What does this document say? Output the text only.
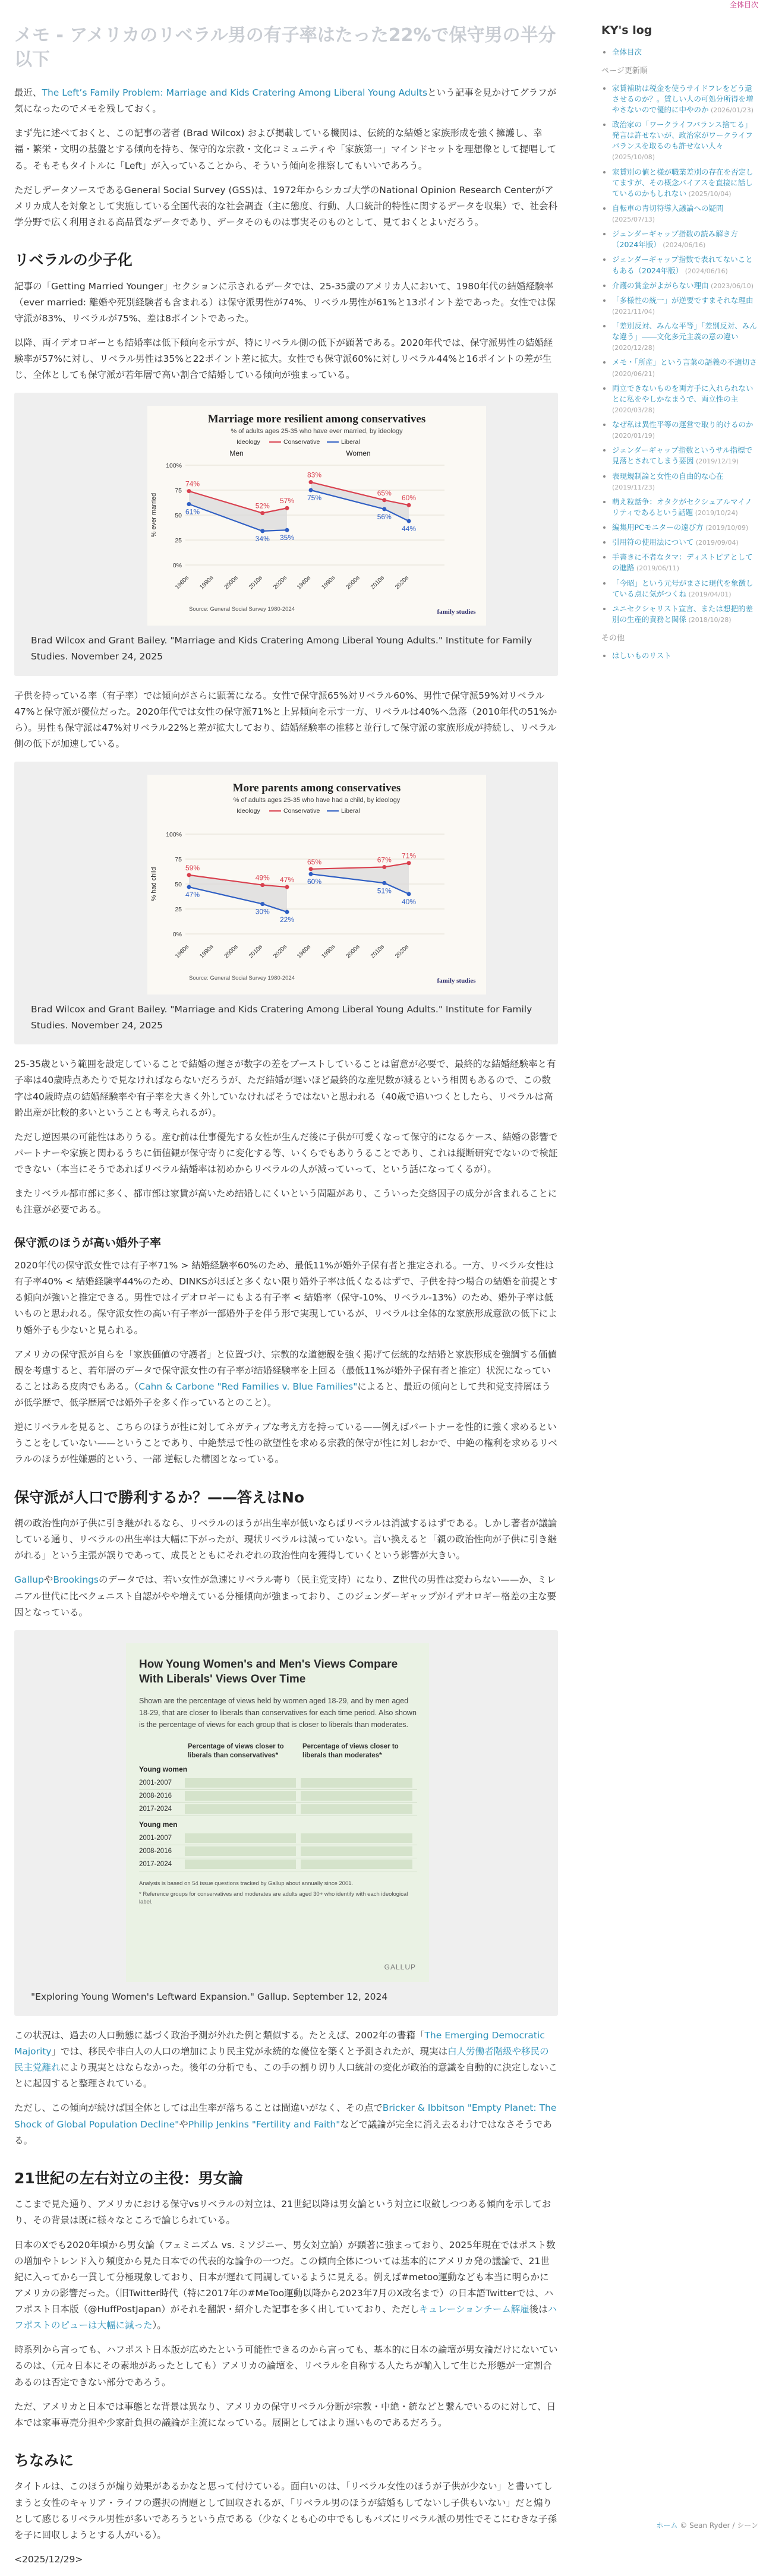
全体目次
メモ - アメリカのリベラル男の有子率はたった22%で保守男の半分以下

最近、The Left’s Family Problem: Marriage and Kids Cratering Among Liberal Young Adultsという記事を見かけてグラフが気になったのでメモを残しておく。

まず先に述べておくと、この記事の著者 (Brad Wilcox) および掲載している機関は、伝統的な結婚と家族形成を強く擁護し、幸福・繁栄・文明の基盤とする傾向を持ち、保守的な宗教・文化コミュニティや「家族第一」マインドセットを理想像として提唱してる。そもそもタイトルに「Left」が入っていることから、そういう傾向を推察してもいいであろう。

ただしデータソースであるGeneral Social Survey (GSS)は、1972年からシカゴ大学のNational Opinion Research Centerがアメリカ成人を対象として実施している全国代表的な社会調査（主に態度、行動、人口統計的特性に関するデータを収集）で、社会科学分野で広く利用される高品質なデータであり、データそのものは事実そのものとして、見ておくとよいだろう。

リベラルの少子化

記事の「Getting Married Younger」セクションに示されるデータでは、25-35歳のアメリカ人において、1980年代の結婚経験率（ever married: 離婚や死別経験者も含まれる）は保守派男性が74%、リベラル男性が61%と13ポイント差であった。女性では保守派が83%、リベラルが75%、差は8ポイントであった。

以降、両イデオロギーとも結婚率は低下傾向を示すが、特にリベラル側の低下が顕著である。2020年代では、保守派男性の結婚経験率が57%に対し、リベラル男性は35%と22ポイント差に拡大。女性でも保守派60%に対しリベラル44%と16ポイントの差が生じ、全体としても保守派が若年層で高い割合で結婚している傾向が強まっている。

Marriage more resilient among conservatives
% of adults ages 25-35 who have ever married, by ideology
Ideology	Conservative	Liberal
Men	Women
% ever married
100%
75
50
25
0%
1980s 1990s 2000s 2010s 2020s
74%
61%
52%
34%
57%
35%
1980s 1990s 2000s 2010s 2020s
83%
75%
65%
56%
60%
44%
Source: General Social Survey 1980-2024	family studies
Brad Wilcox and Grant Bailey. "Marriage and Kids Cratering Among Liberal Young Adults." Institute for Family Studies. November 24, 2025

子供を持っている率（有子率）では傾向がさらに顕著になる。女性で保守派65%対リベラル60%、男性で保守派59%対リベラル47%と保守派が優位だった。2020年代では女性の保守派71%と上昇傾向を示す一方、リベラルは40%へ急落（2010年代の51%から）。男性も保守派は47%対リベラル22%と差が拡大しており、結婚経験率の推移と並行して保守派の家族形成が持続し、リベラル側の低下が加速している。

More parents among conservatives
% of adults ages 25-35 who have had a child, by ideology
Ideology	Conservative	Liberal
% had child
100%
75
50
25
0%
1980s 1990s 2000s 2010s 2020s
59%
47%
49%
30%
47%
22%
1980s 1990s 2000s 2010s 2020s
65%
60%
67%
51%
71%
40%
Source: General Social Survey 1980-2024	family studies
Brad Wilcox and Grant Bailey. "Marriage and Kids Cratering Among Liberal Young Adults." Institute for Family Studies. November 24, 2025

25-35歳という範囲を設定していることで結婚の遅さが数字の差をブーストしていることは留意が必要で、最終的な結婚経験率と有子率は40歳時点あたりで見なければならないだろうが、ただ結婚が遅いほど最終的な産児数が減るという相関もあるので、この数字は40歳時点の結婚経験率や有子率を大きく外していなければそうではないと思われる（40歳で追いつくとしたら、リベラルは高齢出産が比較的多いということも考えられるが）。

ただし逆因果の可能性はありうる。産む前は仕事優先する女性が生んだ後に子供が可愛くなって保守的になるケース、結婚の影響でパートナーや家族と関わるうちに価値観が保守寄りに変化する等、いくらでもありうることであり、これは縦断研究でないので検証できない（本当にそうであればリベラル結婚率は初めからリベラルの人が減っていって、という話になってくるが）。

またリベラル都市部に多く、都市部は家賃が高いため結婚しにくいという問題があり、こういった交絡因子の成分が含まれることにも注意が必要である。

保守派のほうが高い婚外子率

2020年代の保守派女性では有子率71% > 結婚経験率60%のため、最低11%が婚外子保有者と推定される。一方、リベラル女性は有子率40% < 結婚経験率44%のため、DINKSがほぼと多くない限り婚外子率は低くなるはずで、子供を持つ場合の結婚を前提とする傾向が強いと推定できる。男性ではイデオロギーにもよる有子率 < 結婚率（保守-10%、リベラル-13%）のため、婚外子率は低いものと思われる。保守派女性の高い有子率が一部婚外子を伴う形で実現しているが、リベラルは全体的な家族形成意欲の低下により婚外子も少ないと見られる。

アメリカの保守派が自らを「家族価値の守護者」と位置づけ、宗教的な道徳観を強く掲げて伝統的な結婚と家族形成を強調する価値観を考慮すると、若年層のデータで保守派女性の有子率が結婚経験率を上回る（最低11%が婚外子保有者と推定）状況になっていることはある皮肉でもある。（Cahn & Carbone "Red Families v. Blue Families"によると、最近の傾向として共和党支持層ほうが低学歴で、低学歴層では婚外子を多く作っているとのこと）。

逆にリベラルを見ると、こちらのほうが性に対してネガティブな考え方を持っている——例えばパートナーを性的に強く求めるということをしていない——ということであり、中絶禁忌で性の欲望性を求める宗教的保守が性に対しおかで、中絶の権利を求めるリベラルのほうが性嫌悪的という、一部 逆転した構図となっている。

保守派が人口で勝利するか？——答えはNo

親の政治性向が子供に引き継がれるなら、リベラルのほうが出生率が低いならばリベラルは消滅するはずである。しかし著者が議論している通り、リベラルの出生率は大幅に下がったが、現状リベラルは減っていない。言い換えると「親の政治性向が子供に引き継がれる」という主張が誤りであって、成長とともにそれぞれの政治性向を獲得していくという影響が大きい。

GallupやBrookingsのデータでは、若い女性が急速にリベラル寄り（民主党支持）になり、Z世代の男性は変わらない——か、ミレニアル世代に比べクェニスト自認がやや増えている分極傾向が強まっており、このジェンダーギャップがイデオロギー格差の主な要因となっている。

How Young Women's and Men's Views Compare With Liberals' Views Over Time
Shown are the percentage of views held by women aged 18-29, and by men aged 18-29, that are closer to liberals than conservatives for each time period. Also shown is the percentage of views for each group that is closer to liberals than moderates.
Percentage of views closer to liberals than conservatives*
Percentage of views closer to liberals than moderates*
Young women
2001-2007
2008-2016
2017-2024
Young men
2001-2007
2008-2016
2017-2024
Analysis is based on 54 issue questions tracked by Gallup about annually since 2001.
* Reference groups for conservatives and moderates are adults aged 30+ who identify with each ideological label.
GALLUP
"Exploring Young Women's Leftward Expansion." Gallup. September 12, 2024

この状況は、過去の人口動態に基づく政治予測が外れた例と類似する。たとえば、2002年の書籍「The Emerging Democratic Majority」では、移民や非白人の人口の増加により民主党が永続的な優位を築くと予測されたが、現実は白人労働者階級や移民の民主党離れにより現実とはならなかった。後年の分析でも、この手の割り切り人口統計の変化が政治的意識を自動的に決定しないことに起因すると整理されている。

ただし、この傾向が続けば国全体としては出生率が落ちることは間違いがなく、その点でBricker & Ibbitson "Empty Planet: The Shock of Global Population Decline"やPhilip Jenkins "Fertility and Faith"などで議論が完全に消え去るわけではなさそうである。

21世紀の左右対立の主役：男女論

ここまで見た通り、アメリカにおける保守vsリベラルの対立は、21世紀以降は男女論という対立に収斂しつつある傾向を示しており、その背景は既に様々なところで論じられている。

日本のXでも2020年頃から男女論（フェミニズム vs. ミソジニー、男女対立論）が顕著に強まっており、2025年現在ではポスト数の増加やトレンド入り頻度から見た日本での代表的な論争の一つだ。この傾向全体については基本的にアメリカ発の議論で、21世紀に入ってから一貫して分極現象しており、日本が遅れて同調しているように見える。例えば#metoo運動なども本当に明らかにアメリカの影響だった。（旧Twitter時代（特に2017年の#MeToo運動以降から2023年7月のX改名まで）の日本語Twitterでは、ハフポスト日本版（@HuffPostJapan）がそれを翻訳・紹介した記事を多く出していており、ただしキュレーションチーム解雇後はハフポストのピューは大幅に減った）。

時系列から言っても、ハフポスト日本版が広めたという可能性できるのから言っても、基本的に日本の論壇が男女論だけにないているのは、（元々日本にその素地があったとしても）アメリカの論壇を、リベラルを自称する人たちが輸入して生じた形態が一定割合あるのは否定できない部分であろう。

ただ、アメリカと日本では事態とな背景は異なり、アメリカの保守リベラル分断が宗教・中絶・銃などと繋んでいるのに対して、日本では家事専売分担や少家計負担の議論が主流になっている。展開としてはより遅いものであるだろう。

ちなみに

タイトルは、このほうが煽り効果があるかなと思って付けている。面白いのは、「リベラル女性のほうが子供が少ない」と書いてしまうと女性のキャリア・ライフの選択の問題として回収されるが、「リベラル男のほうが結婚もしてないし子供もいない」だと煽りとして感じるリベラル男性が多いであろうという点である（少なくとも心の中でもしもバズにリベラル派の男性でそこにむきな子孫を子に回収しようとする人がいる）。

<2025/12/29>

KY's log
• 全体目次
ページ更新順
• 家賃補助は税金を使うサイドフレをどう還させるのか？。賃しい人の可処分所得を増やさないので優的に中やのか (2026/01/23)
• 政治家の「ワークライフバランス捨てる」発言は許せないが、政治家がワークライフバランスを取るのも許せない人々 (2025/10/08)
• 家賃別の値と様が職業差別の存在を否定してますが、その概念バイアスを直接に話しているのかもしれない (2025/10/04)
• 自転車の青切符導入議論への疑問 (2025/07/13)
• ジェンダーギャップ指数の読み解き方（2024年版） (2024/06/16)
• ジェンダーギャップ指数で表れてないこともある（2024年版） (2024/06/16)
• 介護の賞金がよがらない理由 (2023/06/10)
• 「多様性の統一」が逆要ですまそれな理由 (2021/11/04)
• 「差別反対、みんな平等」「差別反対、みんな違う」――文化多元主義の意の違い (2020/12/28)
• メモ・「所産」という言葉の語義の不適切さ (2020/06/21)
• 両立できないものを両方手に入れられないとに私をやしかなまうで、両立性の主 (2020/03/28)
• なぜ私は異性平等の運営で取り的けるのか (2020/01/19)
• ジェンダーギャップ指数というサル指標で見落とされてしまう要因 (2019/12/19)
• 表現規制論と女性の自由的な心在 (2019/11/23)
• 萌え粒話争：オタクがセクシュアルマイノリティであるという話題 (2019/10/24)
• 編集用PCモニターの遠び方 (2019/10/09)
• 引用符の使用法について (2019/09/04)
• 手書きに不者なタマ：ディストピアとしての進路 (2019/06/11)
• 「今昭」という元号がまさに現代を象徴している点に気がつくね (2019/04/01)
• ユニセクシャリスト宣言、または想把的差別の生産的責務と関係 (2018/10/28)
その他
• はしいものリスト
ホーム © Sean Ryder / シーン
